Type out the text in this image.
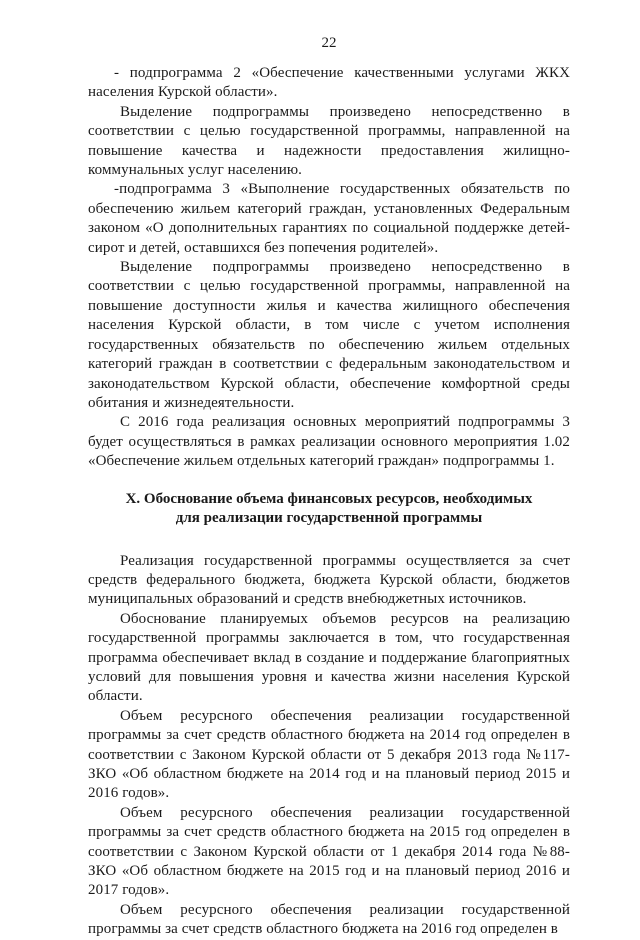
22

- подпрограмма 2 «Обеспечение качественными услугами ЖКХ населения Курской области».

Выделение подпрограммы произведено непосредственно в соответствии с целью государственной программы, направленной на повышение качества и надежности предоставления жилищно-коммунальных услуг населению.

-подпрограмма 3 «Выполнение государственных обязательств по обеспечению жильем категорий граждан, установленных Федеральным законом «О дополнительных гарантиях по социальной поддержке детей-сирот и детей, оставшихся без попечения родителей».

Выделение подпрограммы произведено непосредственно в соответствии с целью государственной программы, направленной на повышение доступности жилья и качества жилищного обеспечения населения Курской области, в том числе с учетом исполнения государственных обязательств по обеспечению жильем отдельных категорий граждан в соответствии с федеральным законодательством и законодательством Курской области, обеспечение комфортной среды обитания и жизнедеятельности.

С 2016 года реализация основных мероприятий подпрограммы 3 будет осуществляться в рамках реализации основного мероприятия 1.02 «Обеспечение жильем отдельных категорий граждан» подпрограммы 1.

X. Обоснование объема финансовых ресурсов, необходимых
для реализации государственной программы

Реализация государственной программы осуществляется за счет средств федерального бюджета, бюджета Курской области, бюджетов муниципальных образований и средств внебюджетных источников.

Обоснование планируемых объемов ресурсов на реализацию государственной программы заключается в том, что государственная программа обеспечивает вклад в создание и поддержание благоприятных условий для повышения уровня и качества жизни населения Курской области.

Объем ресурсного обеспечения реализации государственной программы за счет средств областного бюджета на 2014 год определен в соответствии с Законом Курской области от 5 декабря 2013 года №117-ЗКО «Об областном бюджете на 2014 год и на плановый период 2015 и 2016 годов».

Объем ресурсного обеспечения реализации государственной программы за счет средств областного бюджета на 2015 год определен в соответствии с Законом Курской области от 1 декабря 2014 года №88-ЗКО «Об областном бюджете на 2015 год и на плановый период 2016 и 2017 годов».

Объем ресурсного обеспечения реализации государственной программы за счет средств областного бюджета на 2016 год определен в
